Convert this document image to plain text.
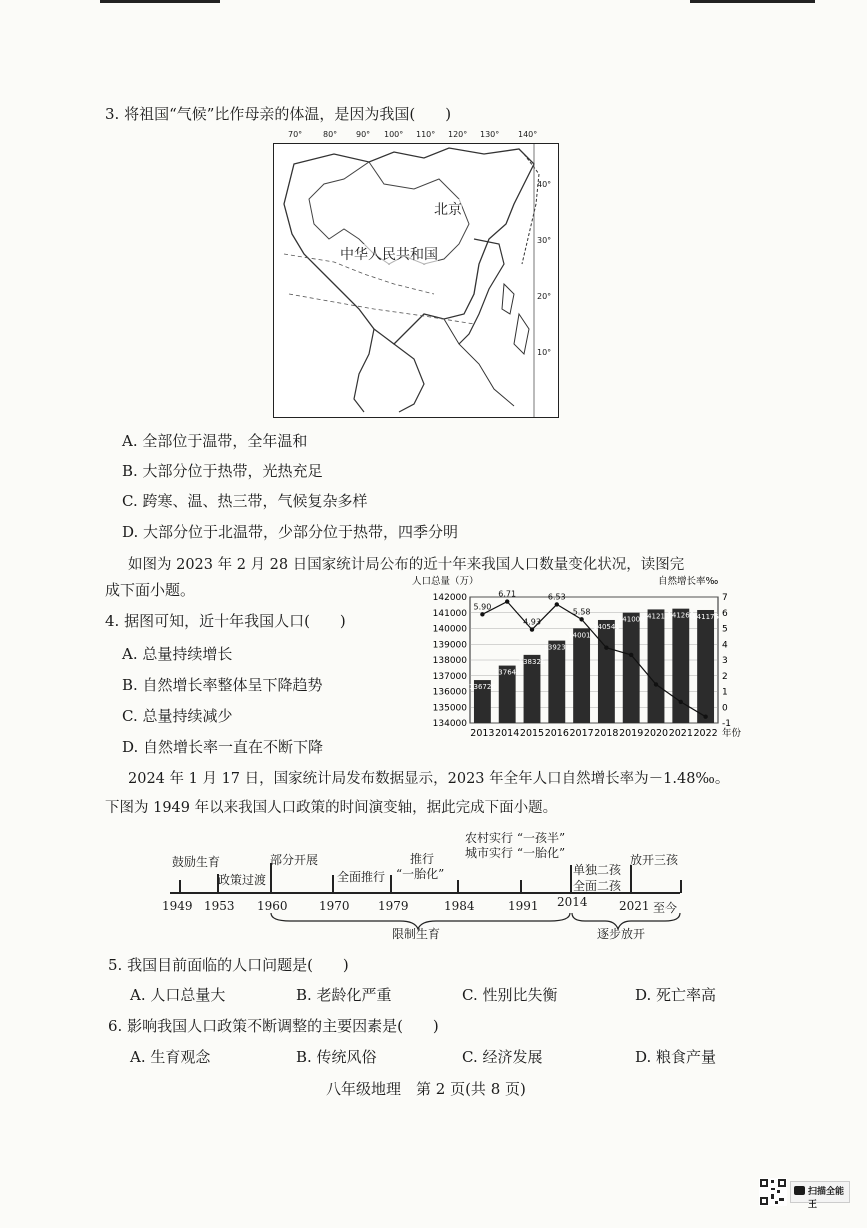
3. 将祖国“气候”比作母亲的体温，是因为我国(　　)
70°	80° 90° 100° 110° 120° 130° 140°
40°
30°
20°
10°
北京
中华人民共和国
A. 全部位于温带，全年温和
B. 大部分位于热带，光热充足
C. 跨寒、温、热三带，气候复杂多样
D. 大部分位于北温带，少部分位于热带，四季分明
如图为 2023 年 2 月 28 日国家统计局公布的近十年来我国人口数量变化状况，读图完
成下面小题。
4. 据图可知，近十年我国人口(　　)
A. 总量持续增长
B. 自然增长率整体呈下降趋势
C. 总量持续减少
D. 自然增长率一直在不断下降
人口总量（万）	自然增长率‰
142000
141000
140000
139000
138000
137000
136000
135000
134000
7
6
5
4
3
2
1
0
-1
136726
137646
138326
139232
140011
140541
141008
141212
141260
141175
5.90
6.71
4.93
6.53
5.58
2013 2014 2015 2016 2017 2018 2019 2020 2021 2022 年份
2024 年 1 月 17 日，国家统计局发布数据显示，2023 年全年人口自然增长率为－1.48‰。
下图为 1949 年以来我国人口政策的时间演变轴，据此完成下面小题。
鼓励生育	部分开展	推行
“一胎化”
农村实行 “一孩半”
城市实行 “一胎化”	放开三孩
政策过渡	全面推行	单独二孩
全面二孩
1949 1953 1960	1970 1979	1984	1991 2014	2021 至今
限制生育	逐步放开
5. 我国目前面临的人口问题是(　　)
A. 人口总量大	B. 老龄化严重	C. 性别比失衡	D. 死亡率高
6. 影响我国人口政策不断调整的主要因素是(　　)
A. 生育观念	B. 传统风俗	C. 经济发展	D. 粮食产量
八年级地理　第 2 页(共 8 页)
扫描全能王
